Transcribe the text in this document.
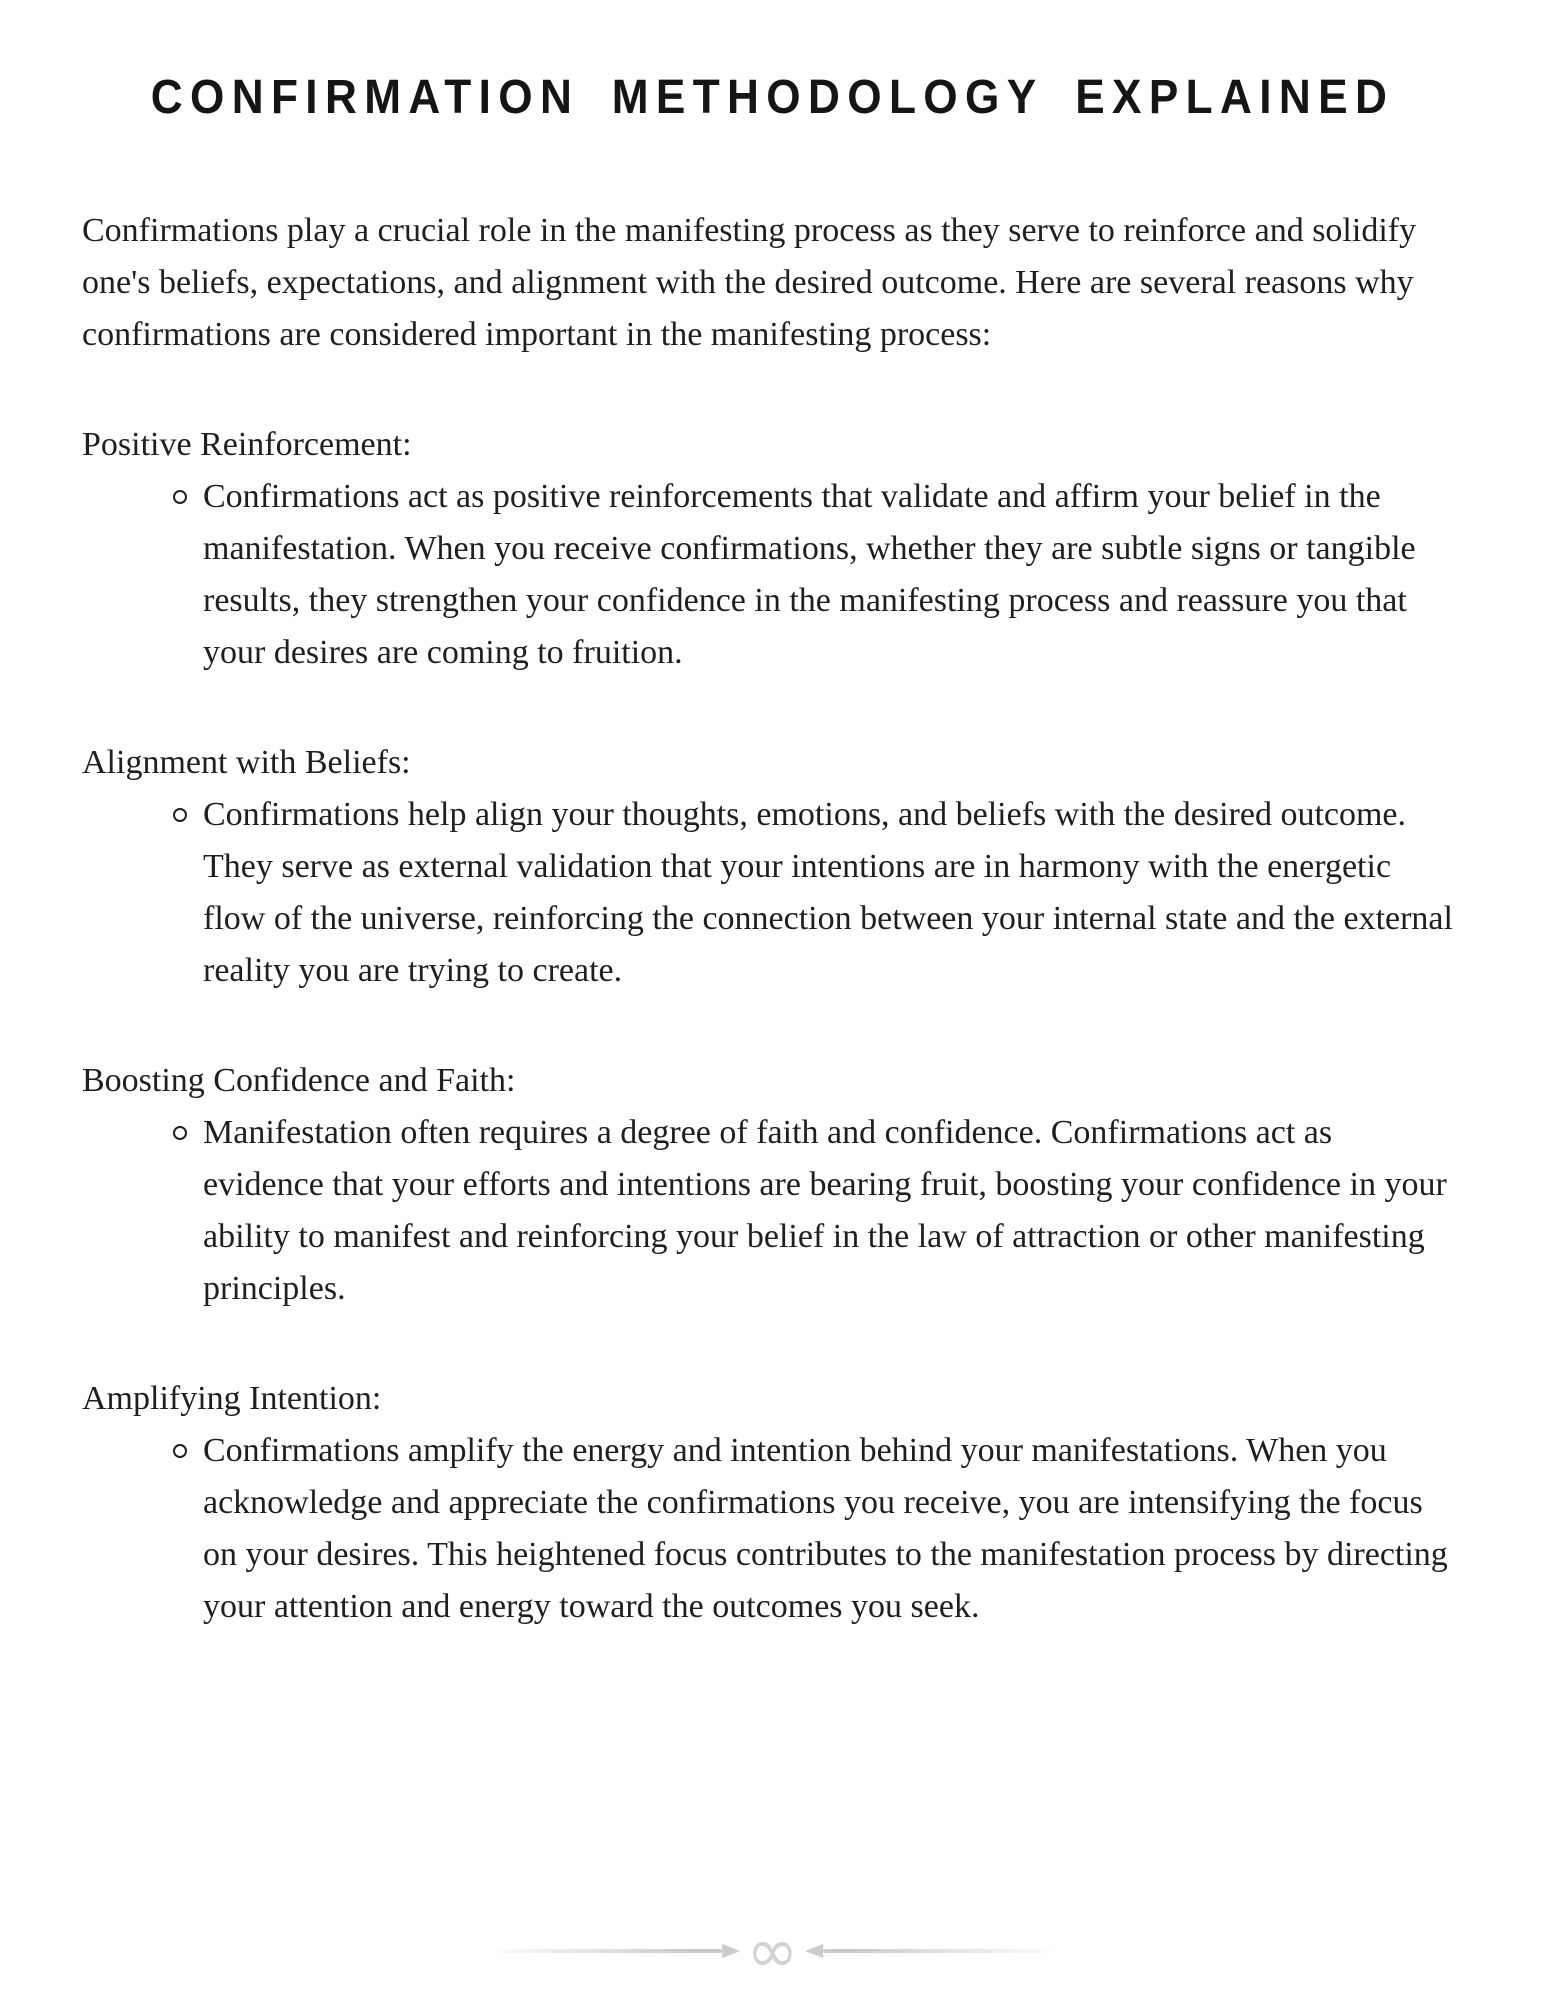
CONFIRMATION METHODOLOGY EXPLAINED

Confirmations play a crucial role in the manifesting process as they serve to reinforce and solidify one's beliefs, expectations, and alignment with the desired outcome. Here are several reasons why confirmations are considered important in the manifesting process:

Positive Reinforcement:

Confirmations act as positive reinforcements that validate and affirm your belief in the manifestation. When you receive confirmations, whether they are subtle signs or tangible results, they strengthen your confidence in the manifesting process and reassure you that your desires are coming to fruition.

Alignment with Beliefs:

Confirmations help align your thoughts, emotions, and beliefs with the desired outcome. They serve as external validation that your intentions are in harmony with the energetic flow of the universe, reinforcing the connection between your internal state and the external reality you are trying to create.

Boosting Confidence and Faith:

Manifestation often requires a degree of faith and confidence. Confirmations act as evidence that your efforts and intentions are bearing fruit, boosting your confidence in your ability to manifest and reinforcing your belief in the law of attraction or other manifesting principles.

Amplifying Intention:

Confirmations amplify the energy and intention behind your manifestations. When you acknowledge and appreciate the confirmations you receive, you are intensifying the focus on your desires. This heightened focus contributes to the manifestation process by directing your attention and energy toward the outcomes you seek.

∞
